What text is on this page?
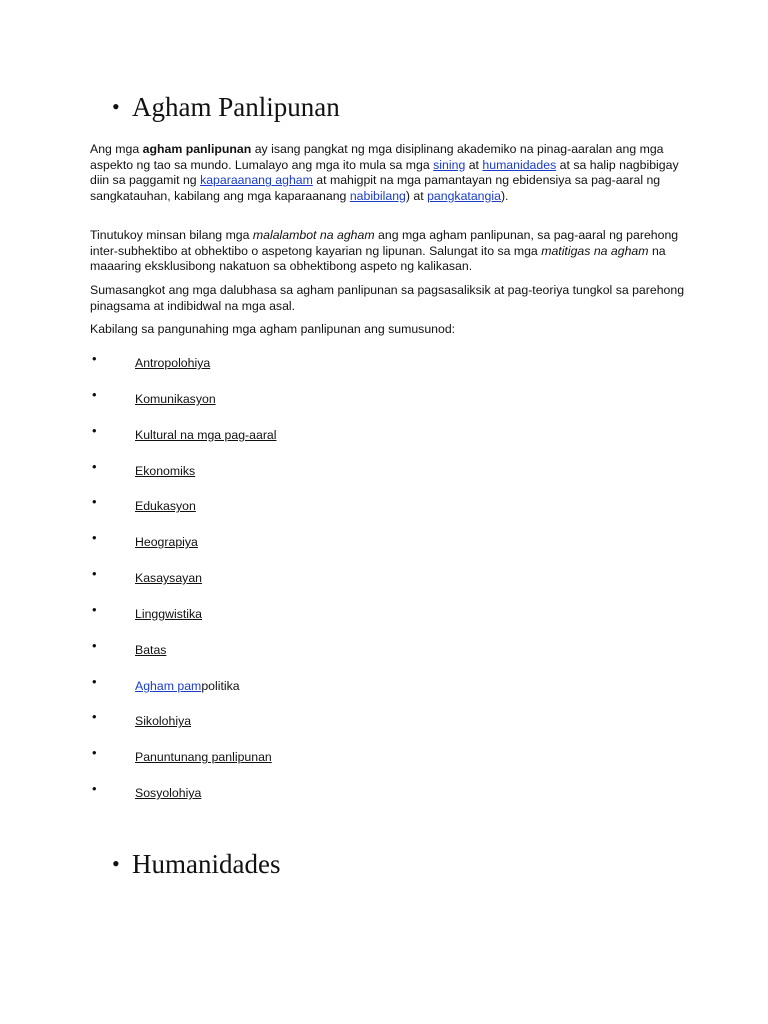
• Agham Panlipunan

Ang mga agham panlipunan ay isang pangkat ng mga disiplinang akademiko na pinag-aaralan ang mga aspekto ng tao sa mundo. Lumalayo ang mga ito mula sa mga sining at humanidades at sa halip nagbibigay diin sa paggamit ng kaparaanang agham at mahigpit na mga pamantayan ng ebidensiya sa pag-aaral ng sangkatauhan, kabilang ang mga kaparaanang nabibilang) at pangkatangia).

Tinutukoy minsan bilang mga malalambot na agham ang mga agham panlipunan, sa pag-aaral ng parehong inter-subhektibo at obhektibo o aspetong kayarian ng lipunan. Salungat ito sa mga matitigas na agham na maaaring eksklusibong nakatuon sa obhektibong aspeto ng kalikasan.

Sumasangkot ang mga dalubhasa sa agham panlipunan sa pagsasaliksik at pag-teoriya tungkol sa parehong pinagsama at indibidwal na mga asal.

Kabilang sa pangunahing mga agham panlipunan ang sumusunod:

•	Antropolohiya
•	Komunikasyon
•	Kultural na mga pag-aaral
•	Ekonomiks
•	Edukasyon
•	Heograpiya
•	Kasaysayan
•	Linggwistika
•	Batas
•	Agham pampolitika
•	Sikolohiya
•	Panuntunang panlipunan
•	Sosyolohiya
• Humanidades
